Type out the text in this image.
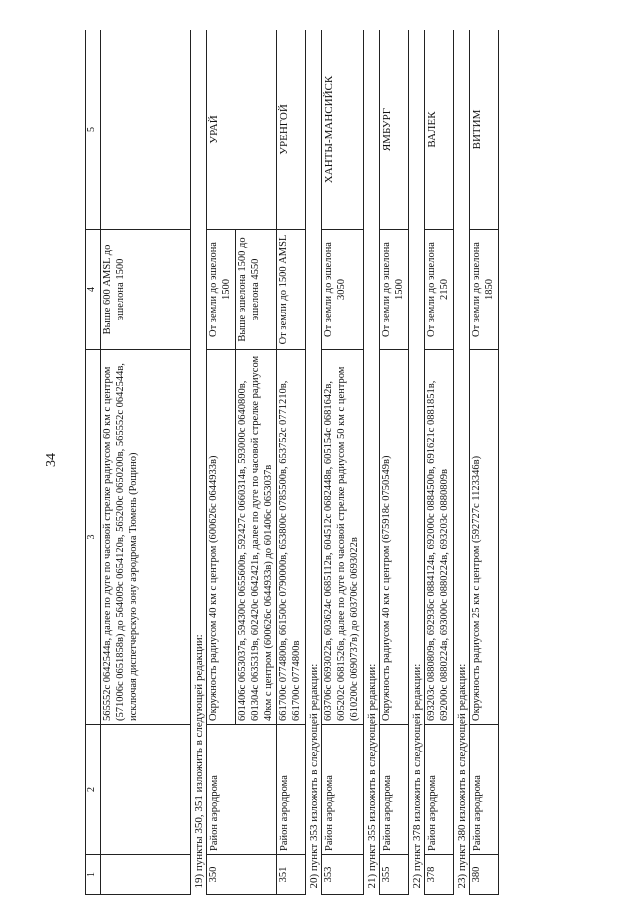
34
1	2	3	4	5
		565552с 0642544в, далее по дуге по часовой стрелке радиусом 60 км с центром (571006с 0651858в) до 564009с 0654120в, 565200с 0650200в, 565552с 0642544в, исключая диспетчерскую зону аэродрома Тюмень (Рощино)	Выше 600 AMSL до эшелона 1500	
19) пункты 350, 351 изложить в следующей редакции:				
350	Район аэродрома	Окружность радиусом 40 км с центром (600626с 0644933в)	От земли до эшелона 1500	УРАЙ
		601406с 0653037в, 594300с 0655600в, 592427с 0660314в, 593000с 0640800в, 601304с 0635319в, 602420с 0642421в, далее по дуге по часовой стрелке радиусом 40км с центром (600626с 0644933в) до 601406с 0653037в	Выше эшелона 1500 до эшелона 4550	
351	Район аэродрома	661700с 0774800в, 661500с 0790000в, 653800с 0785500в, 653752с 0771210в, 661700с 0774800в	От земли до 1500 AMSL	УРЕНГОЙ
20) пункт 353 изложить в следующей редакции:				
353	Район аэродрома	603706с 0693022в, 603624с 0685112в, 604512с 0682448в, 605154с 0681642в, 605202с 0681526в, далее по дуге по часовой стрелке радиусом 50 км с центром (610200с 0690737в) до 603706с 0693022в	От земли до эшелона 3050	ХАНТЫ-МАНСИЙСК
21) пункт 355 изложить в следующей редакции:				
355	Район аэродрома	Окружность радиусом 40 км с центром (675918с 0750549в)	От земли до эшелона 1500	ЯМБУРГ
22) пункт 378 изложить в следующей редакции:				
378	Район аэродрома	693203с 0880809в, 692936с 0884124в, 692000с 0884500в, 691621с 0881851в, 692000с 0880224в, 693000с 0880224в, 693203с 0880809в	От земли до эшелона 2150	ВАЛЕК
23) пункт 380 изложить в следующей редакции:				
380	Район аэродрома	Окружность радиусом 25 км с центром (592727с 1123346в)	От земли до эшелона 1850	ВИТИМ
